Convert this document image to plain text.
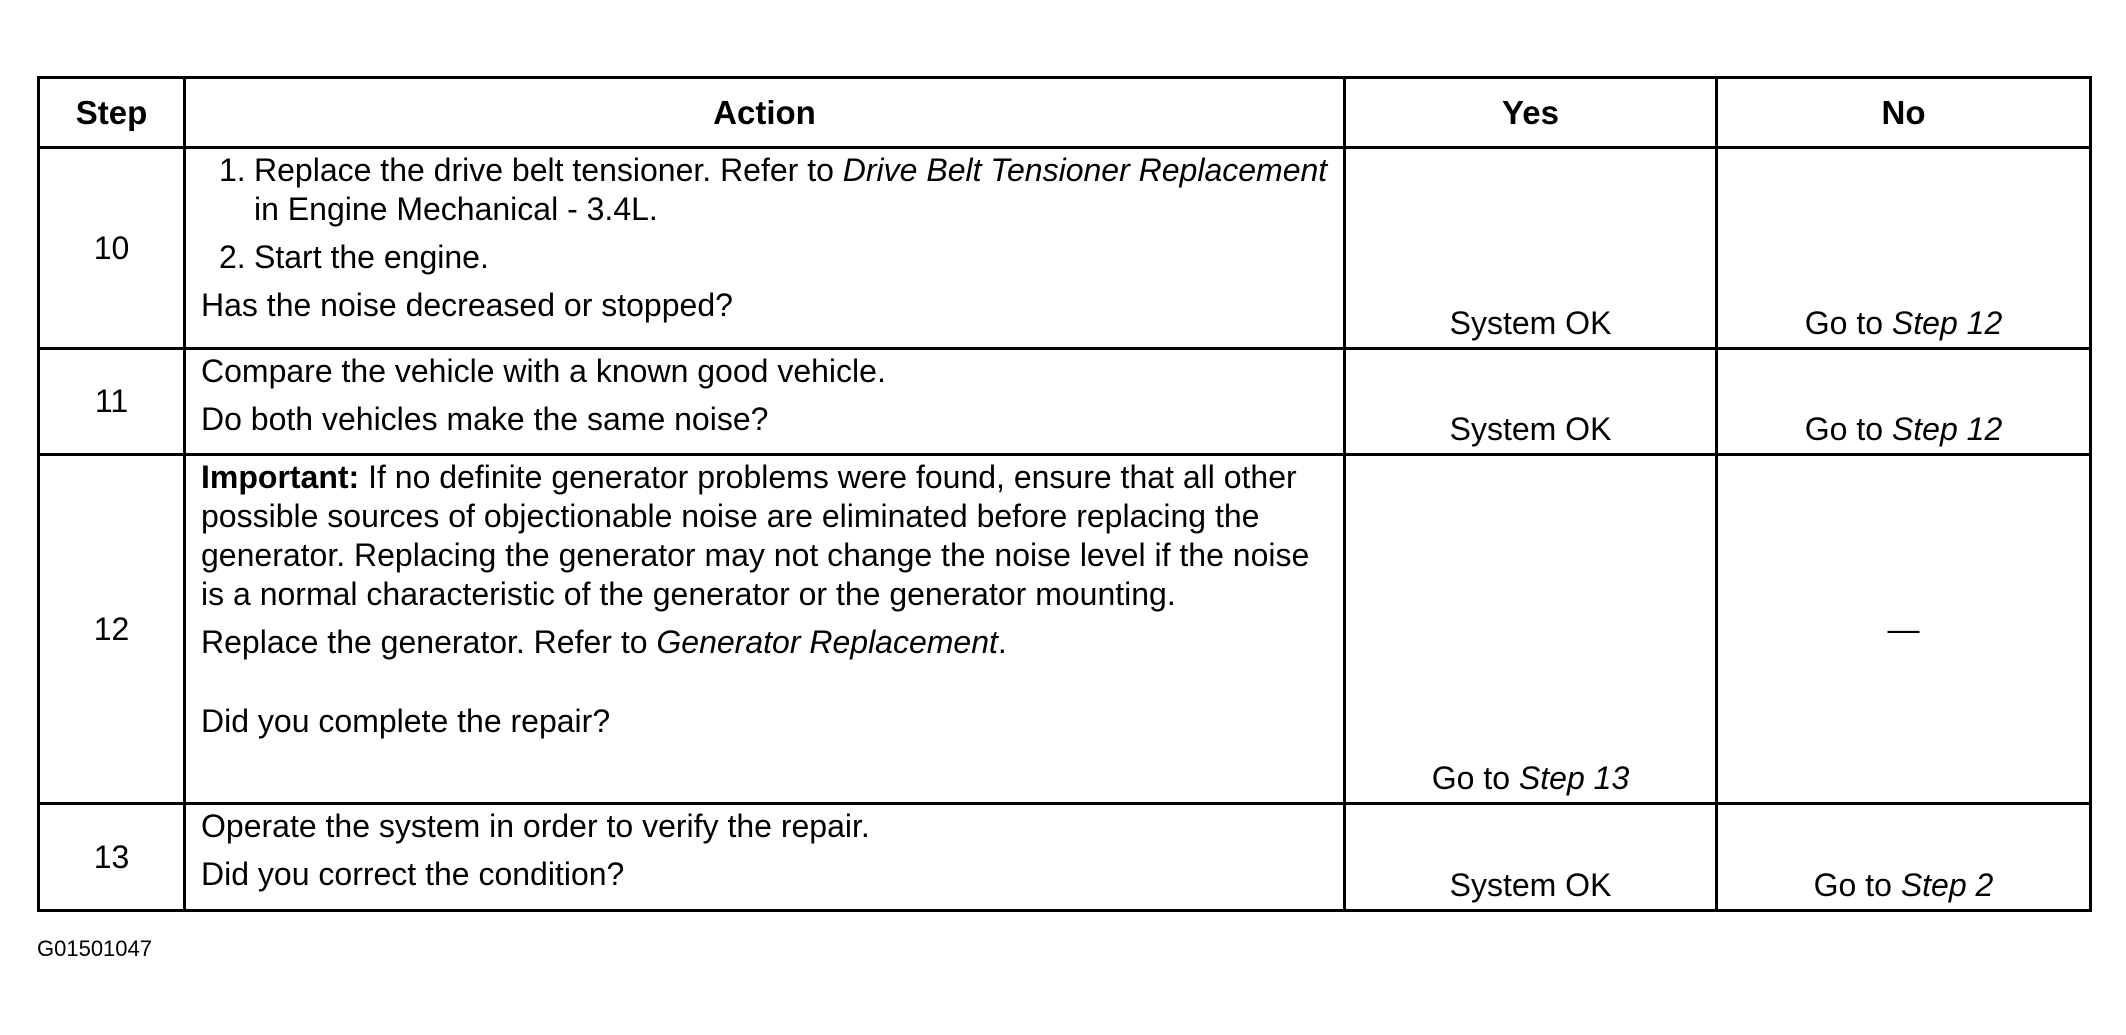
Step	Action	Yes	No
10	1. Replace the drive belt tensioner. Refer to Drive Belt Tensioner Replacement in Engine Mechanical - 3.4L.
2. Start the engine.
Has the noise decreased or stopped?	System OK	Go to Step 12
11	Compare the vehicle with a known good vehicle.
Do both vehicles make the same noise?	System OK	Go to Step 12
12	Important: If no definite generator problems were found, ensure that all other possible sources of objectionable noise are eliminated before replacing the generator. Replacing the generator may not change the noise level if the noise is a normal characteristic of the generator or the generator mounting.
Replace the generator. Refer to Generator Replacement.
Did you complete the repair?	Go to Step 13	—
13	Operate the system in order to verify the repair.
Did you correct the condition?	System OK	Go to Step 2
G01501047
